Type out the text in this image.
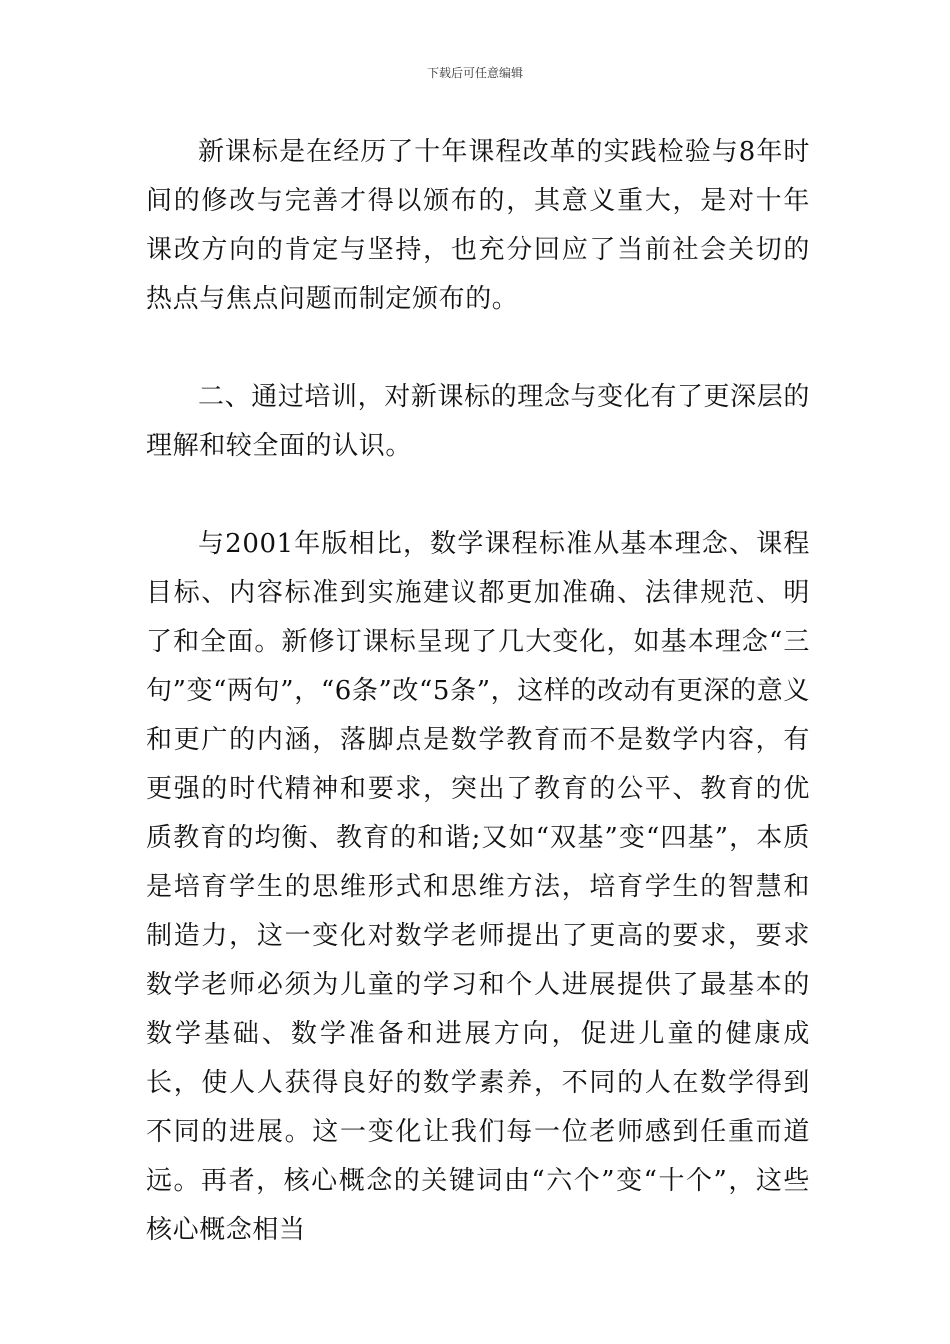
下载后可任意编辑

新课标是在经历了十年课程改革的实践检验与8年时间的修改与完善才得以颁布的，其意义重大，是对十年课改方向的肯定与坚持，也充分回应了当前社会关切的热点与焦点问题而制定颁布的。

二、通过培训，对新课标的理念与变化有了更深层的理解和较全面的认识。

与2001年版相比，数学课程标准从基本理念、课程目标、内容标准到实施建议都更加准确、法律规范、明了和全面。新修订课标呈现了几大变化，如基本理念“三句”变“两句”，“6条”改“5条”，这样的改动有更深的意义和更广的内涵，落脚点是数学教育而不是数学内容，有更强的时代精神和要求，突出了教育的公平、教育的优质教育的均衡、教育的和谐;又如“双基”变“四基”，本质是培育学生的思维形式和思维方法，培育学生的智慧和制造力，这一变化对数学老师提出了更高的要求，要求数学老师必须为儿童的学习和个人进展提供了最基本的数学基础、数学准备和进展方向，促进儿童的健康成长，使人人获得良好的数学素养，不同的人在数学得到不同的进展。这一变化让我们每一位老师感到任重而道远。再者，核心概念的关键词由“六个”变“十个”，这些核心概念相当
